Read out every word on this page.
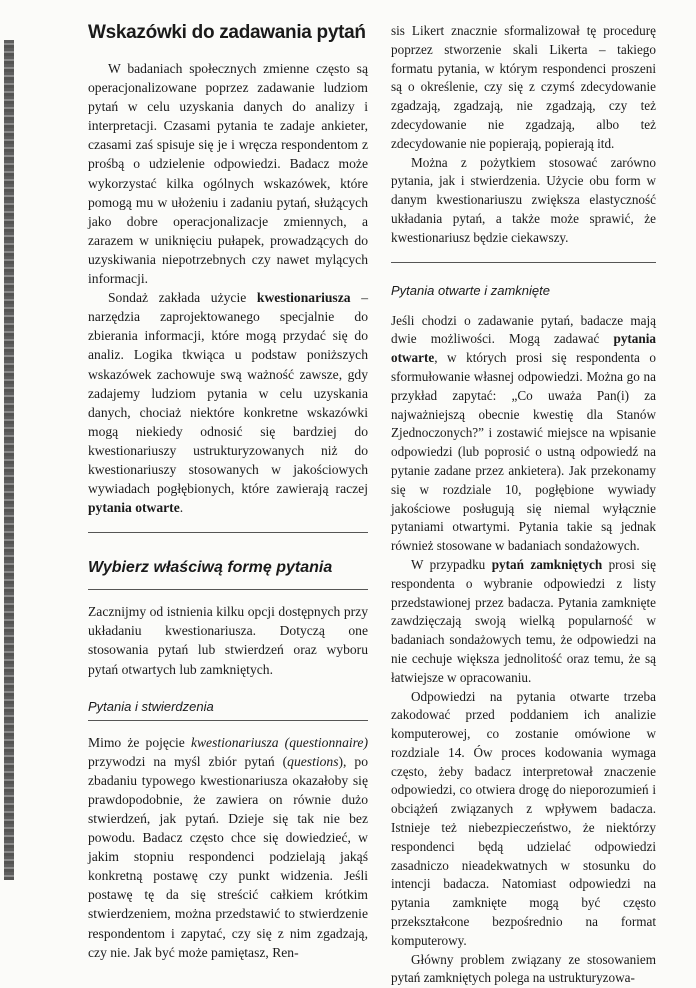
Wskazówki do zadawania pytań

W badaniach społecznych zmienne często są operacjonalizowane poprzez zadawanie ludziom pytań w celu uzyskania danych do analizy i interpretacji. Czasami pytania te zadaje ankieter, czasami zaś spisuje się je i wręcza respondentom z prośbą o udzielenie odpowiedzi. Badacz może wykorzystać kilka ogólnych wskazówek, które pomogą mu w ułożeniu i zadaniu pytań, służących jako dobre operacjonalizacje zmiennych, a zarazem w uniknięciu pułapek, prowadzących do uzyskiwania niepotrzebnych czy nawet mylących informacji.

Sondaż zakłada użycie kwestionariusza – narzędzia zaprojektowanego specjalnie do zbierania informacji, które mogą przydać się do analiz. Logika tkwiąca u podstaw poniższych wskazówek zachowuje swą ważność zawsze, gdy zadajemy ludziom pytania w celu uzyskania danych, chociaż niektóre konkretne wskazówki mogą niekiedy odnosić się bardziej do kwestionariuszy ustrukturyzowanych niż do kwestionariuszy stosowanych w jakościowych wywiadach pogłębionych, które zawierają raczej pytania otwarte.

Wybierz właściwą formę pytania

Zacznijmy od istnienia kilku opcji dostępnych przy układaniu kwestionariusza. Dotyczą one stosowania pytań lub stwierdzeń oraz wyboru pytań otwartych lub zamkniętych.

Pytania i stwierdzenia

Mimo że pojęcie kwestionariusza (questionnaire) przywodzi na myśl zbiór pytań (questions), po zbadaniu typowego kwestionariusza okazałoby się prawdopodobnie, że zawiera on równie dużo stwierdzeń, jak pytań. Dzieje się tak nie bez powodu. Badacz często chce się dowiedzieć, w jakim stopniu respondenci podzielają jakąś konkretną postawę czy punkt widzenia. Jeśli postawę tę da się streścić całkiem krótkim stwierdzeniem, można przedstawić to stwierdzenie respondentom i zapytać, czy się z nim zgadzają, czy nie. Jak być może pamiętasz, Ren-

sis Likert znacznie sformalizował tę procedurę poprzez stworzenie skali Likerta – takiego formatu pytania, w którym respondenci proszeni są o określenie, czy się z czymś zdecydowanie zgadzają, zgadzają, nie zgadzają, czy też zdecydowanie nie zgadzają, albo też zdecydowanie nie popierają, popierają itd.

Można z pożytkiem stosować zarówno pytania, jak i stwierdzenia. Użycie obu form w danym kwestionariuszu zwiększa elastyczność układania pytań, a także może sprawić, że kwestionariusz będzie ciekawszy.

Pytania otwarte i zamknięte

Jeśli chodzi o zadawanie pytań, badacze mają dwie możliwości. Mogą zadawać pytania otwarte, w których prosi się respondenta o sformułowanie własnej odpowiedzi. Można go na przykład zapytać: „Co uważa Pan(i) za najważniejszą obecnie kwestię dla Stanów Zjednoczonych?” i zostawić miejsce na wpisanie odpowiedzi (lub poprosić o ustną odpowiedź na pytanie zadane przez ankietera). Jak przekonamy się w rozdziale 10, pogłębione wywiady jakościowe posługują się niemal wyłącznie pytaniami otwartymi. Pytania takie są jednak również stosowane w badaniach sondażowych.

W przypadku pytań zamkniętych prosi się respondenta o wybranie odpowiedzi z listy przedstawionej przez badacza. Pytania zamknięte zawdzięczają swoją wielką popularność w badaniach sondażowych temu, że odpowiedzi na nie cechuje większa jednolitość oraz temu, że są łatwiejsze w opracowaniu.

Odpowiedzi na pytania otwarte trzeba zakodować przed poddaniem ich analizie komputerowej, co zostanie omówione w rozdziale 14. Ów proces kodowania wymaga często, żeby badacz interpretował znaczenie odpowiedzi, co otwiera drogę do nieporozumień i obciążeń związanych z wpływem badacza. Istnieje też niebezpieczeństwo, że niektórzy respondenci będą udzielać odpowiedzi zasadniczo nieadekwatnych w stosunku do intencji badacza. Natomiast odpowiedzi na pytania zamknięte mogą być często przekształcone bezpośrednio na format komputerowy.

Główny problem związany ze stosowaniem pytań zamkniętych polega na ustrukturyzowa-
